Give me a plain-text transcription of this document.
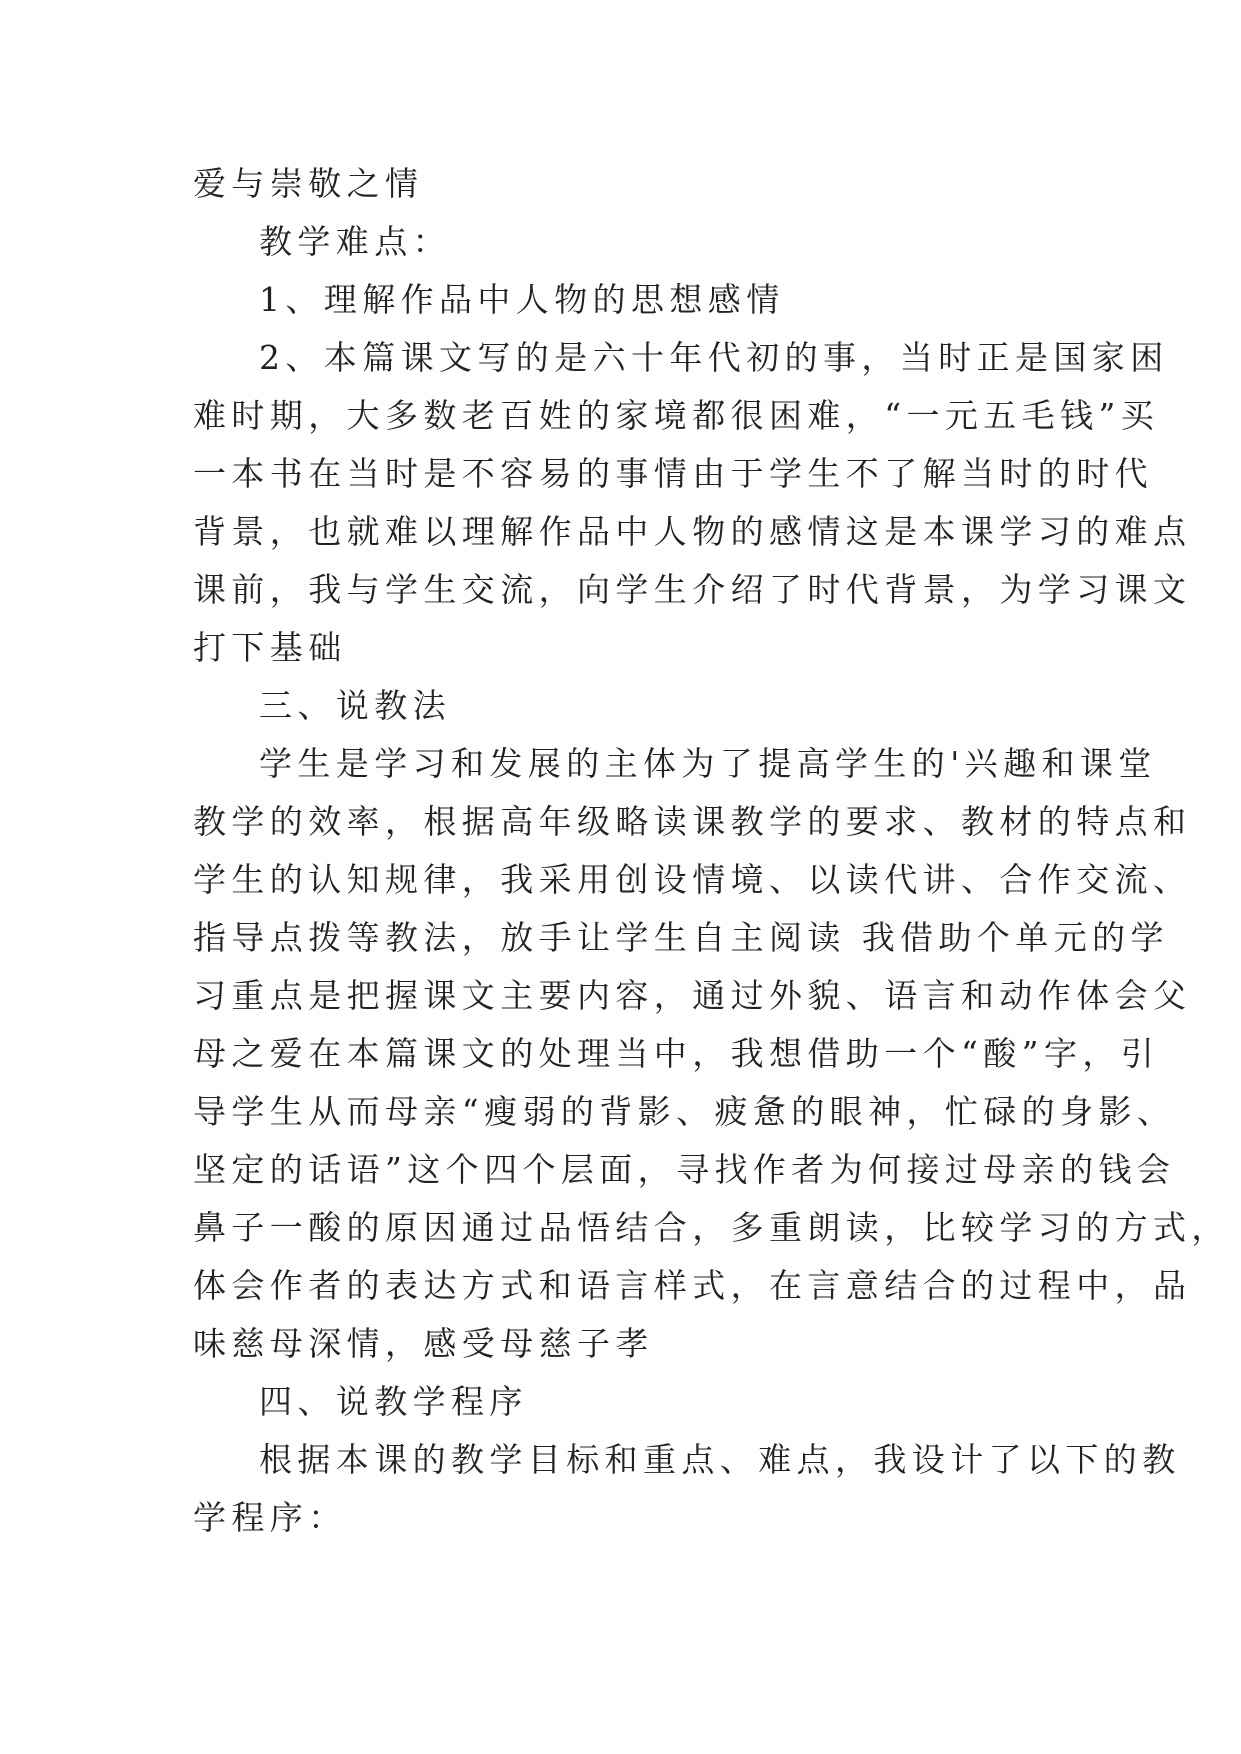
爱与崇敬之情
教学难点：
1、理解作品中人物的思想感情
2、本篇课文写的是六十年代初的事，当时正是国家困
难时期，大多数老百姓的家境都很困难，“一元五毛钱”买
一本书在当时是不容易的事情由于学生不了解当时的时代
背景，也就难以理解作品中人物的感情这是本课学习的难点
课前，我与学生交流，向学生介绍了时代背景，为学习课文
打下基础
三、说教法
学生是学习和发展的主体为了提高学生的'兴趣和课堂
教学的效率，根据高年级略读课教学的要求、教材的特点和
学生的认知规律，我采用创设情境、以读代讲、合作交流、
指导点拨等教法，放手让学生自主阅读 我借助个单元的学
习重点是把握课文主要内容，通过外貌、语言和动作体会父
母之爱在本篇课文的处理当中，我想借助一个“酸”字，引
导学生从而母亲“瘦弱的背影、疲惫的眼神，忙碌的身影、
坚定的话语”这个四个层面，寻找作者为何接过母亲的钱会
鼻子一酸的原因通过品悟结合，多重朗读，比较学习的方式，
体会作者的表达方式和语言样式，在言意结合的过程中，品
味慈母深情，感受母慈子孝
四、说教学程序
根据本课的教学目标和重点、难点，我设计了以下的教
学程序：
